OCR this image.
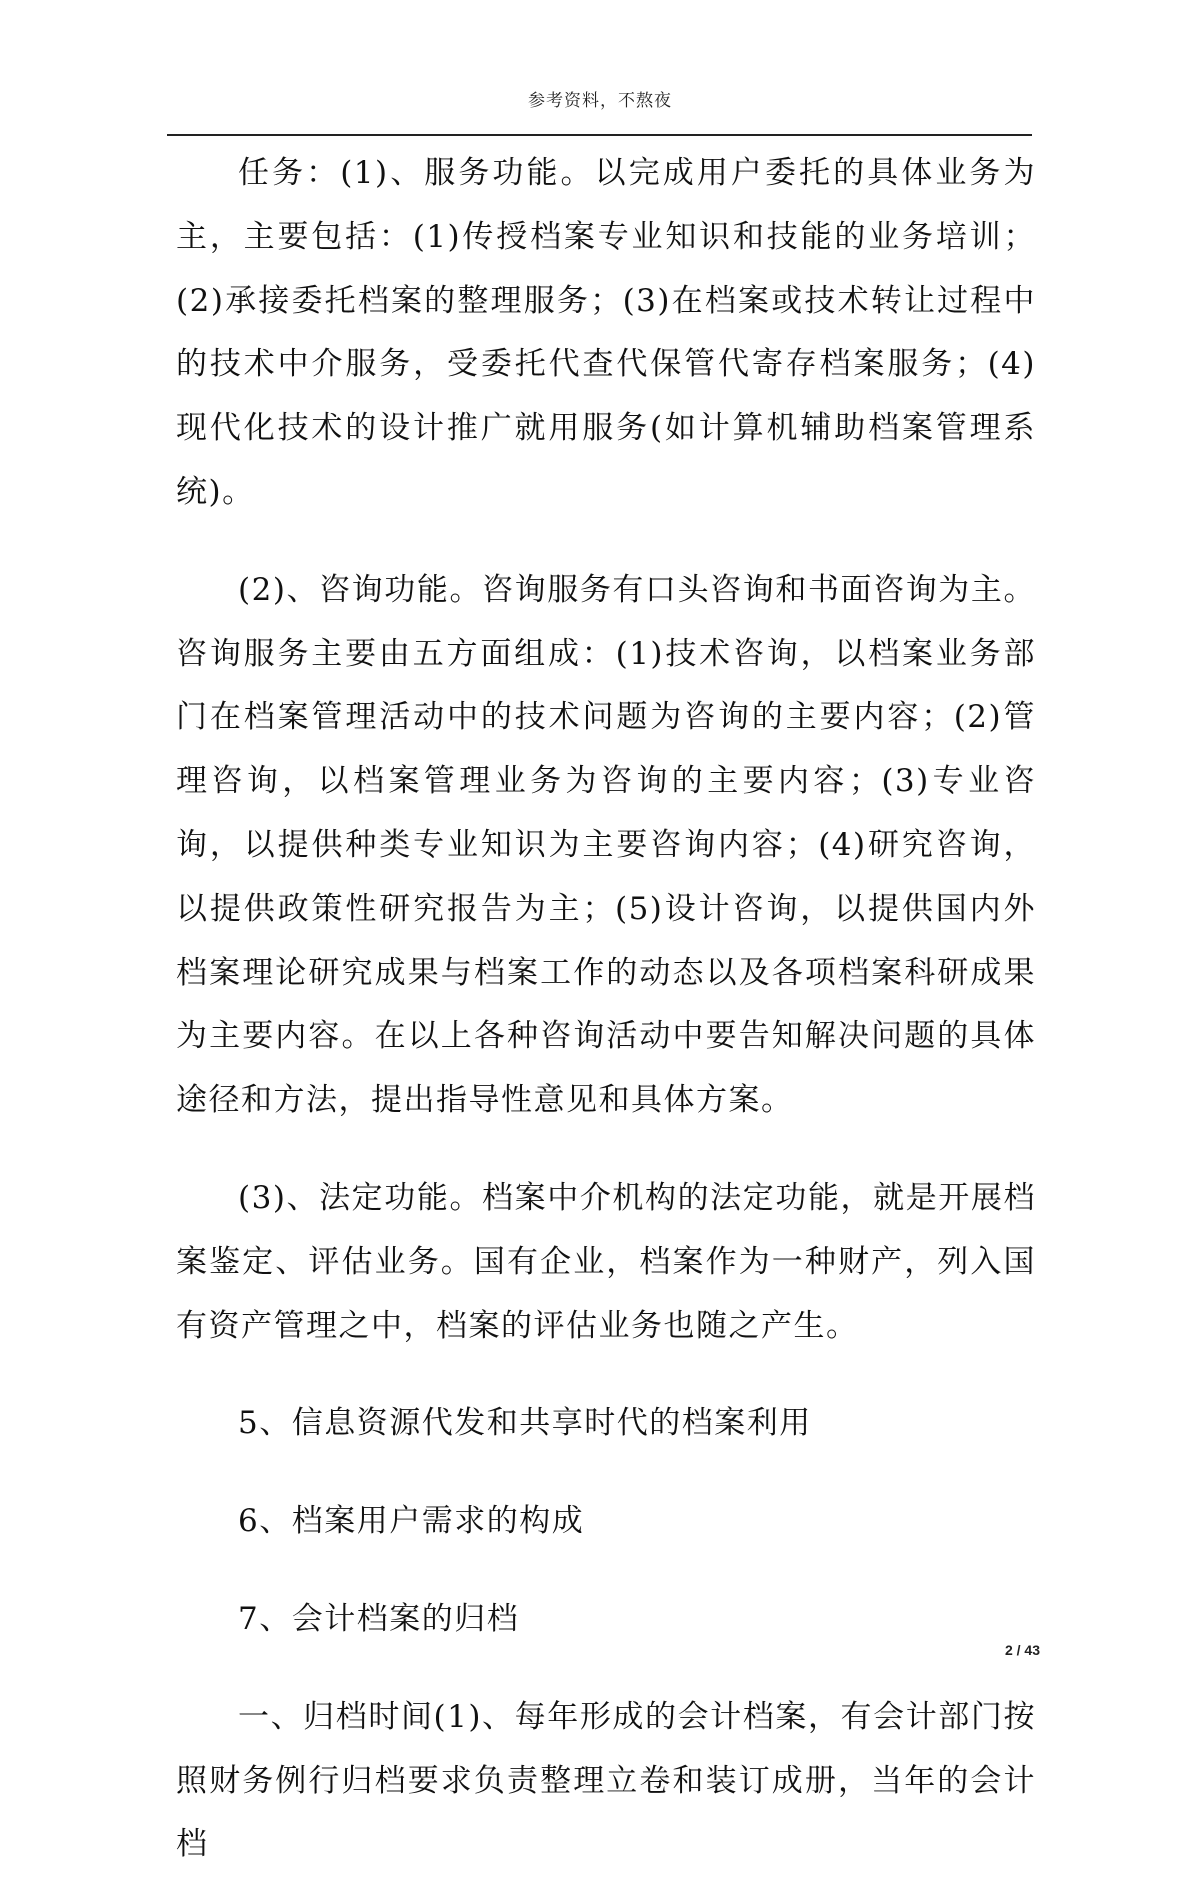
参考资料，不熬夜

任务：(1)、服务功能。以完成用户委托的具体业务为主，主要包括：(1)传授档案专业知识和技能的业务培训；(2)承接委托档案的整理服务；(3)在档案或技术转让过程中的技术中介服务，受委托代查代保管代寄存档案服务；(4)现代化技术的设计推广就用服务(如计算机辅助档案管理系统)。

(2)、咨询功能。咨询服务有口头咨询和书面咨询为主。咨询服务主要由五方面组成：(1)技术咨询，以档案业务部门在档案管理活动中的技术问题为咨询的主要内容；(2)管理咨询，以档案管理业务为咨询的主要内容；(3)专业咨询，以提供种类专业知识为主要咨询内容；(4)研究咨询，以提供政策性研究报告为主；(5)设计咨询，以提供国内外档案理论研究成果与档案工作的动态以及各项档案科研成果为主要内容。在以上各种咨询活动中要告知解决问题的具体途径和方法，提出指导性意见和具体方案。

(3)、法定功能。档案中介机构的法定功能，就是开展档案鉴定、评估业务。国有企业，档案作为一种财产，列入国有资产管理之中，档案的评估业务也随之产生。

5、信息资源代发和共享时代的档案利用

6、档案用户需求的构成

7、会计档案的归档

一、归档时间(1)、每年形成的会计档案，有会计部门按照财务例行归档要求负责整理立卷和装订成册，当年的会计档

2 / 43
